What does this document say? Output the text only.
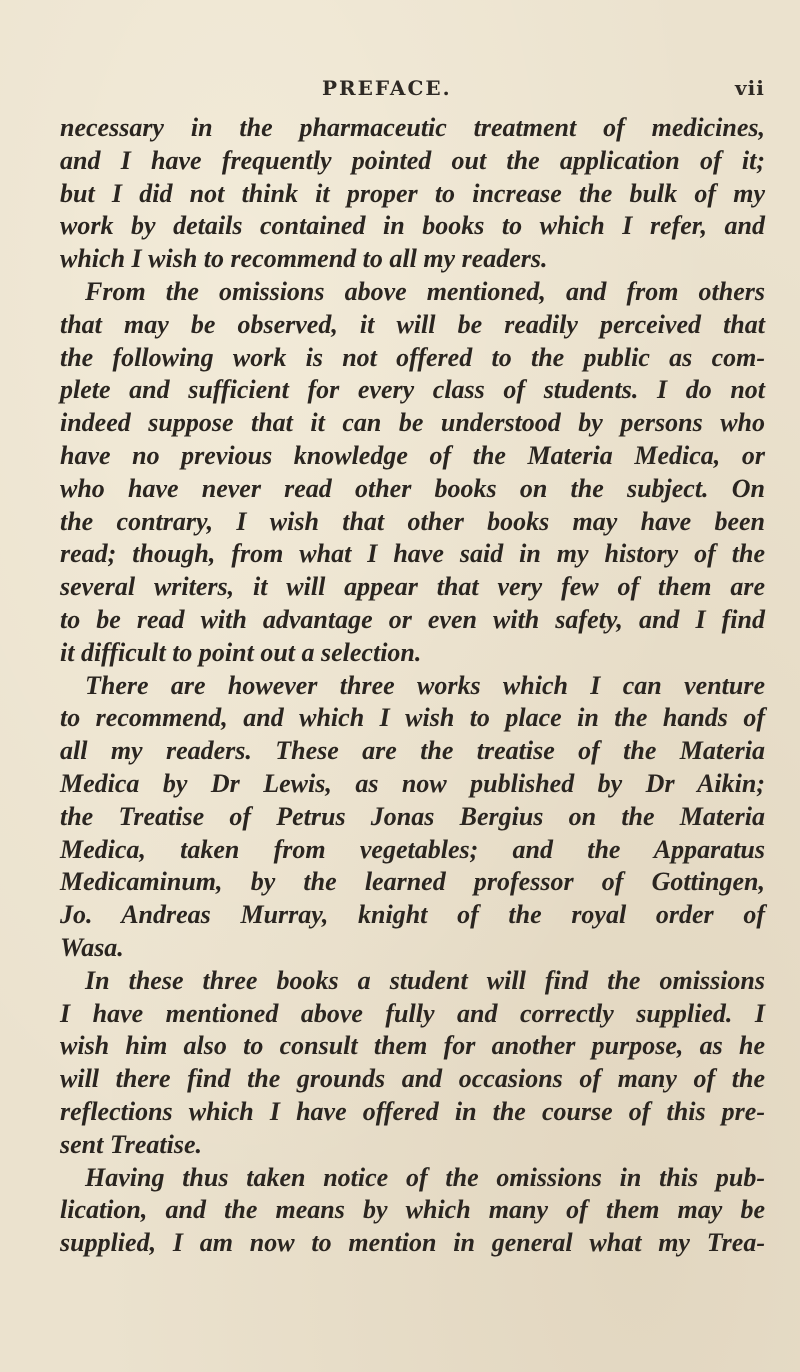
PREFACE.	vii
necessary in the pharmaceutic treatment of medicines,
and I have frequently pointed out the application of it;
but I did not think it proper to increase the bulk of my
work by details contained in books to which I refer, and
which I wish to recommend to all my readers.
From the omissions above mentioned, and from others
that may be observed, it will be readily perceived that
the following work is not offered to the public as com-
plete and sufficient for every class of students. I do not
indeed suppose that it can be understood by persons who
have no previous knowledge of the Materia Medica, or
who have never read other books on the subject. On
the contrary, I wish that other books may have been
read; though, from what I have said in my history of the
several writers, it will appear that very few of them are
to be read with advantage or even with safety, and I find
it difficult to point out a selection.
There are however three works which I can venture
to recommend, and which I wish to place in the hands of
all my readers. These are the treatise of the Materia
Medica by Dr Lewis, as now published by Dr Aikin;
the Treatise of Petrus Jonas Bergius on the Materia
Medica, taken from vegetables; and the Apparatus
Medicaminum, by the learned professor of Gottingen,
Jo. Andreas Murray, knight of the royal order of
Wasa.
In these three books a student will find the omissions
I have mentioned above fully and correctly supplied. I
wish him also to consult them for another purpose, as he
will there find the grounds and occasions of many of the
reflections which I have offered in the course of this pre-
sent Treatise.
Having thus taken notice of the omissions in this pub-
lication, and the means by which many of them may be
supplied, I am now to mention in general what my Trea-
